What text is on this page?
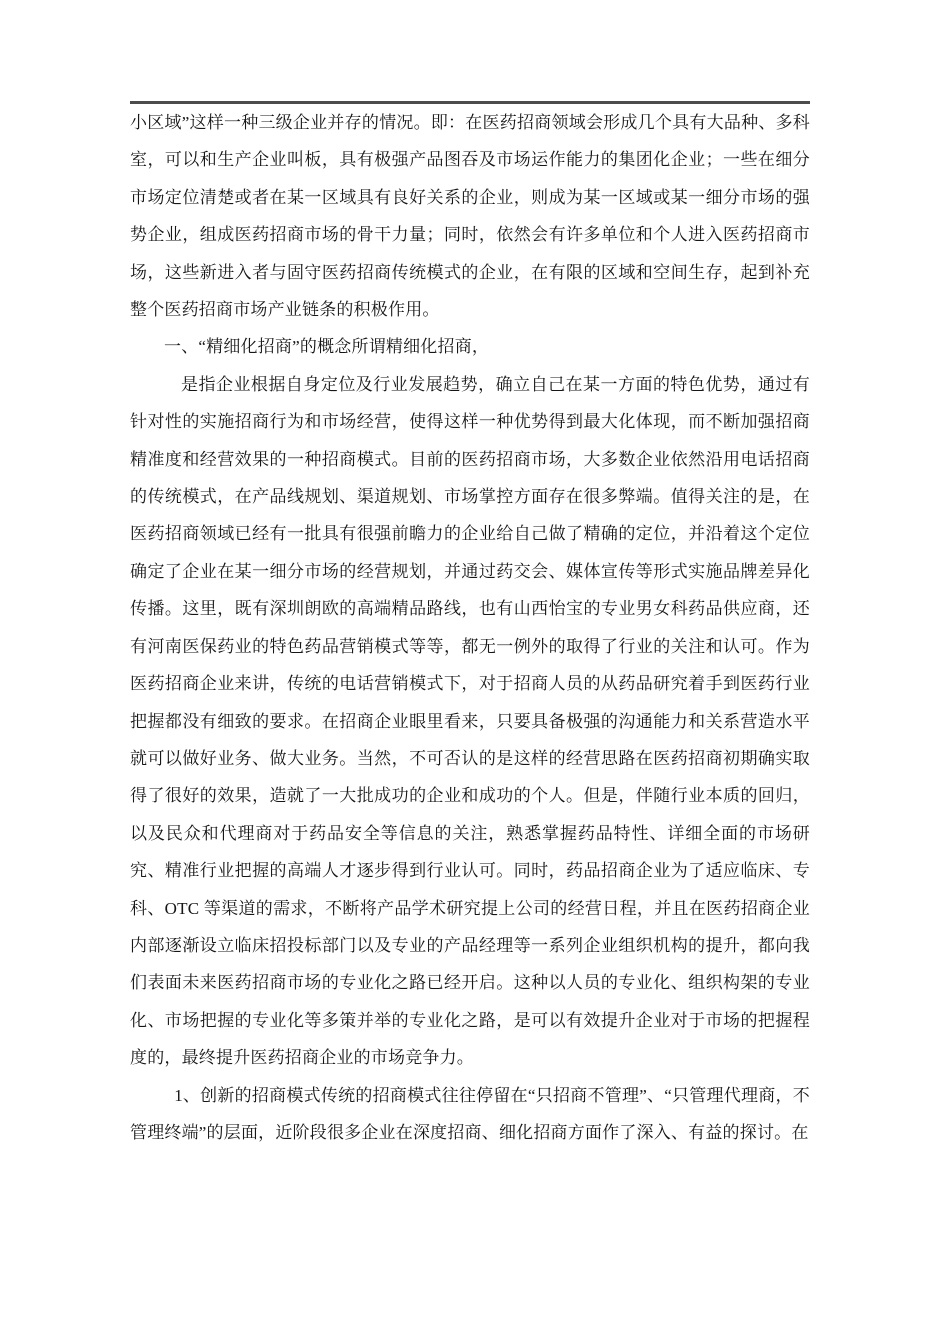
小区域”这样一种三级企业并存的情况。即：在医药招商领域会形成几个具有大品种、多科室，可以和生产企业叫板，具有极强产品图吞及市场运作能力的集团化企业；一些在细分市场定位清楚或者在某一区域具有良好关系的企业，则成为某一区域或某一细分市场的强势企业，组成医药招商市场的骨干力量；同时，依然会有许多单位和个人进入医药招商市场，这些新进入者与固守医药招商传统模式的企业，在有限的区域和空间生存，起到补充整个医药招商市场产业链条的积极作用。

一、“精细化招商”的概念所谓精细化招商，

是指企业根据自身定位及行业发展趋势，确立自己在某一方面的特色优势，通过有针对性的实施招商行为和市场经营，使得这样一种优势得到最大化体现，而不断加强招商精准度和经营效果的一种招商模式。目前的医药招商市场，大多数企业依然沿用电话招商的传统模式，在产品线规划、渠道规划、市场掌控方面存在很多弊端。值得关注的是，在医药招商领域已经有一批具有很强前瞻力的企业给自己做了精确的定位，并沿着这个定位确定了企业在某一细分市场的经营规划，并通过药交会、媒体宣传等形式实施品牌差异化传播。这里，既有深圳朗欧的高端精品路线，也有山西怡宝的专业男女科药品供应商，还有河南医保药业的特色药品营销模式等等，都无一例外的取得了行业的关注和认可。作为医药招商企业来讲，传统的电话营销模式下，对于招商人员的从药品研究着手到医药行业把握都没有细致的要求。在招商企业眼里看来，只要具备极强的沟通能力和关系营造水平就可以做好业务、做大业务。当然，不可否认的是这样的经营思路在医药招商初期确实取得了很好的效果，造就了一大批成功的企业和成功的个人。但是，伴随行业本质的回归，以及民众和代理商对于药品安全等信息的关注，熟悉掌握药品特性、详细全面的市场研究、精准行业把握的高端人才逐步得到行业认可。同时，药品招商企业为了适应临床、专科、OTC 等渠道的需求，不断将产品学术研究提上公司的经营日程，并且在医药招商企业内部逐渐设立临床招投标部门以及专业的产品经理等一系列企业组织机构的提升，都向我们表面未来医药招商市场的专业化之路已经开启。这种以人员的专业化、组织构架的专业化、市场把握的专业化等多策并举的专业化之路，是可以有效提升企业对于市场的把握程度的，最终提升医药招商企业的市场竞争力。

1、创新的招商模式传统的招商模式往往停留在“只招商不管理”、“只管理代理商，不管理终端”的层面，近阶段很多企业在深度招商、细化招商方面作了深入、有益的探讨。在
